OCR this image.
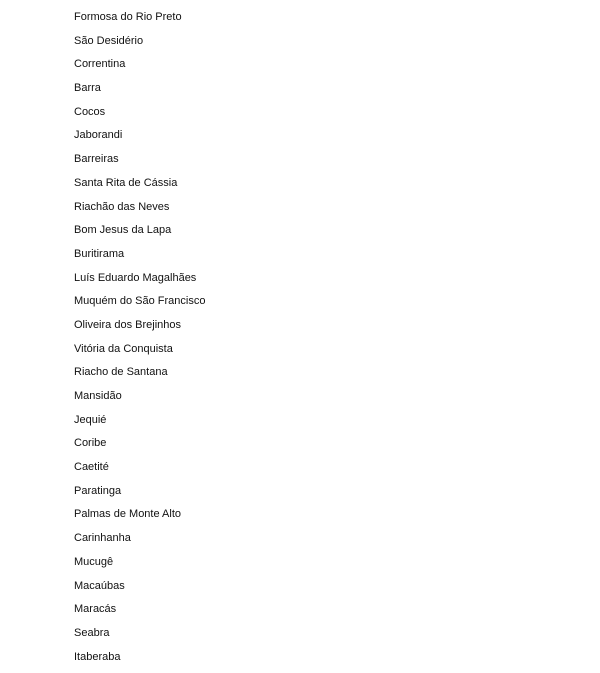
Formosa do Rio Preto
São Desidério
Correntina
Barra
Cocos
Jaborandi
Barreiras
Santa Rita de Cássia
Riachão das Neves
Bom Jesus da Lapa
Buritirama
Luís Eduardo Magalhães
Muquém do São Francisco
Oliveira dos Brejinhos
Vitória da Conquista
Riacho de Santana
Mansidão
Jequié
Coribe
Caetité
Paratinga
Palmas de Monte Alto
Carinhanha
Mucugê
Macaúbas
Maracás
Seabra
Itaberaba
